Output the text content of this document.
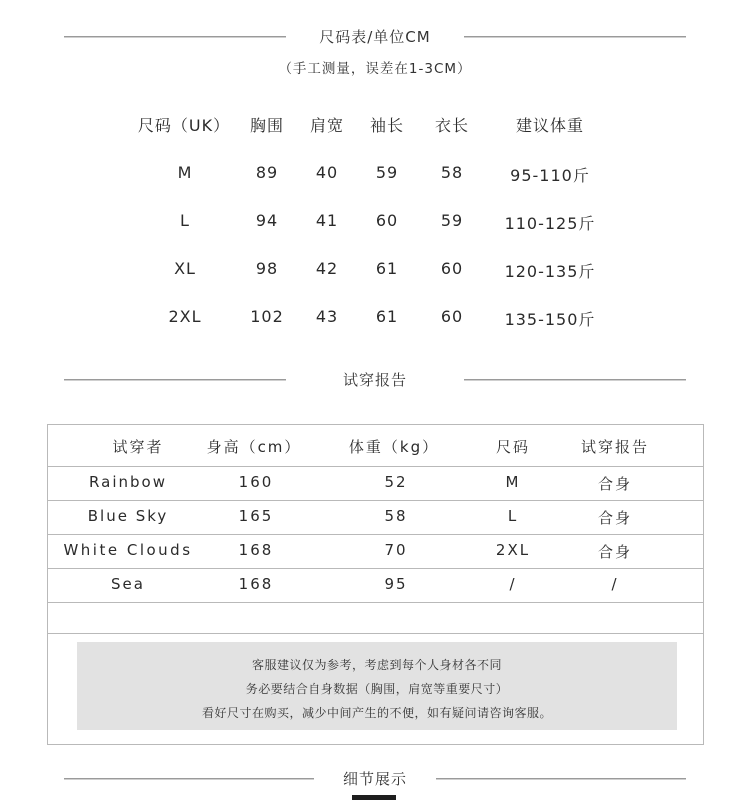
尺码表/单位CM
（手工测量，误差在1-3CM）
尺码（UK）	胸围	肩宽	袖长	衣长	建议体重
M	89	40	59	58	95-110斤
L	94	41	60	59	110-125斤
XL	98	42	61	60	120-135斤
2XL	102	43	61	60	135-150斤
试穿报告
试穿者	身高（cm）	体重（kg）	尺码	试穿报告
Rainbow	160	52	M	合身
Blue Sky	165	58	L	合身
White Clouds	168	70	2XL	合身
Sea	168	95	/	/
客服建议仅为参考，考虑到每个人身材各不同
务必要结合自身数据（胸围，肩宽等重要尺寸）
看好尺寸在购买，减少中间产生的不便，如有疑问请咨询客服。
细节展示
